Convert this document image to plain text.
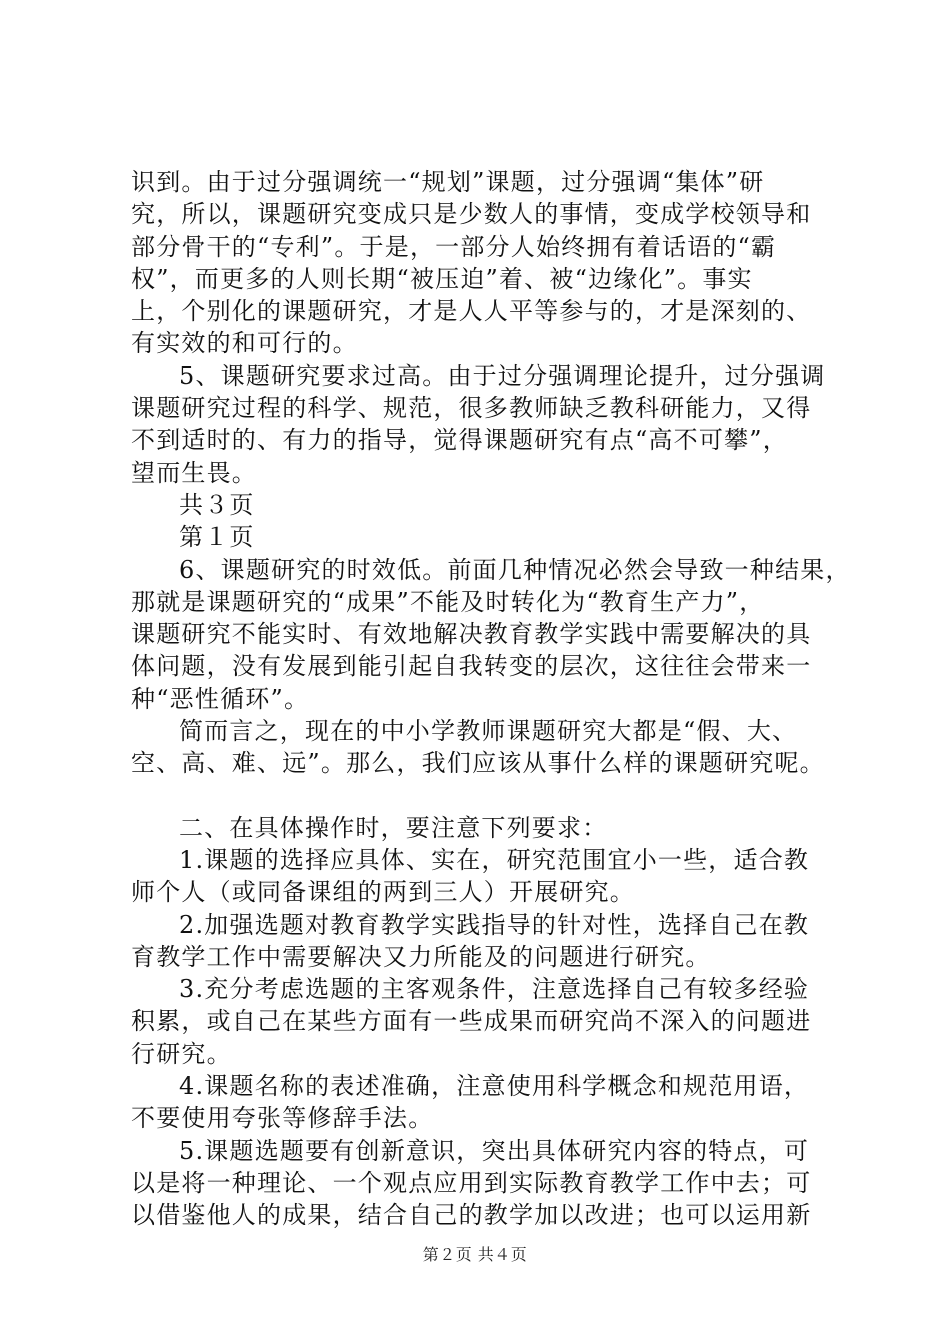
识到。由于过分强调统一“规划”课题，过分强调“集体”研
究，所以，课题研究变成只是少数人的事情，变成学校领导和
部分骨干的“专利”。于是，一部分人始终拥有着话语的“霸
权”，而更多的人则长期“被压迫”着、被“边缘化”。事实
上，个别化的课题研究，才是人人平等参与的，才是深刻的、
有实效的和可行的。
5、课题研究要求过高。由于过分强调理论提升，过分强调
课题研究过程的科学、规范，很多教师缺乏教科研能力，又得
不到适时的、有力的指导，觉得课题研究有点“高不可攀”，
望而生畏。
共３页
第１页
6、课题研究的时效低。前面几种情况必然会导致一种结果，
那就是课题研究的“成果”不能及时转化为“教育生产力”，
课题研究不能实时、有效地解决教育教学实践中需要解决的具
体问题，没有发展到能引起自我转变的层次，这往往会带来一
种“恶性循环”。
简而言之，现在的中小学教师课题研究大都是“假、大、
空、高、难、远”。那么，我们应该从事什么样的课题研究呢。
二、在具体操作时，要注意下列要求：
1.课题的选择应具体、实在，研究范围宜小一些，适合教
师个人（或同备课组的两到三人）开展研究。
2.加强选题对教育教学实践指导的针对性，选择自己在教
育教学工作中需要解决又力所能及的问题进行研究。
3.充分考虑选题的主客观条件，注意选择自己有较多经验
积累，或自己在某些方面有一些成果而研究尚不深入的问题进
行研究。
4.课题名称的表述准确，注意使用科学概念和规范用语，
不要使用夸张等修辞手法。
5.课题选题要有创新意识，突出具体研究内容的特点，可
以是将一种理论、一个观点应用到实际教育教学工作中去；可
以借鉴他人的成果，结合自己的教学加以改进；也可以运用新
第２页 共４页
